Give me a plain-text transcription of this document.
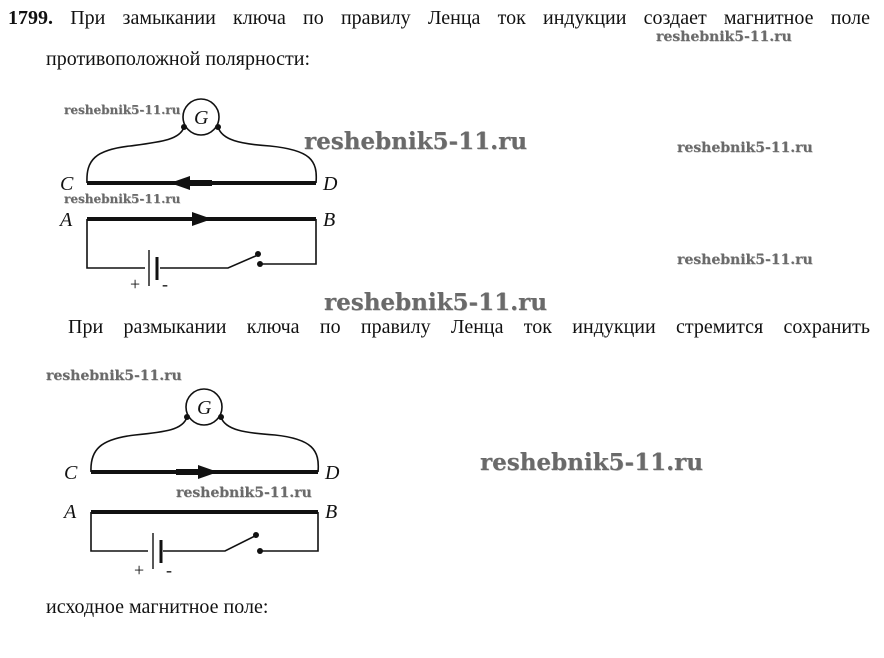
1799. При замыкании ключа по правилу Ленца ток индукции создает магнитное поле
противоположной полярности:
При размыкании ключа по правилу Ленца ток индукции стремится сохранить
исходное магнитное поле:
reshebnik5-11.ru
reshebnik5-11.ru
reshebnik5-11.ru	reshebnik5-11.ru
reshebnik5-11.ru
reshebnik5-11.ru
reshebnik5-11.ru
reshebnik5-11.ru
reshebnik5-11.ru
reshebnik5-11.ru
G
C	D
A	B
+ -
G
C	D
A	B
+ -
